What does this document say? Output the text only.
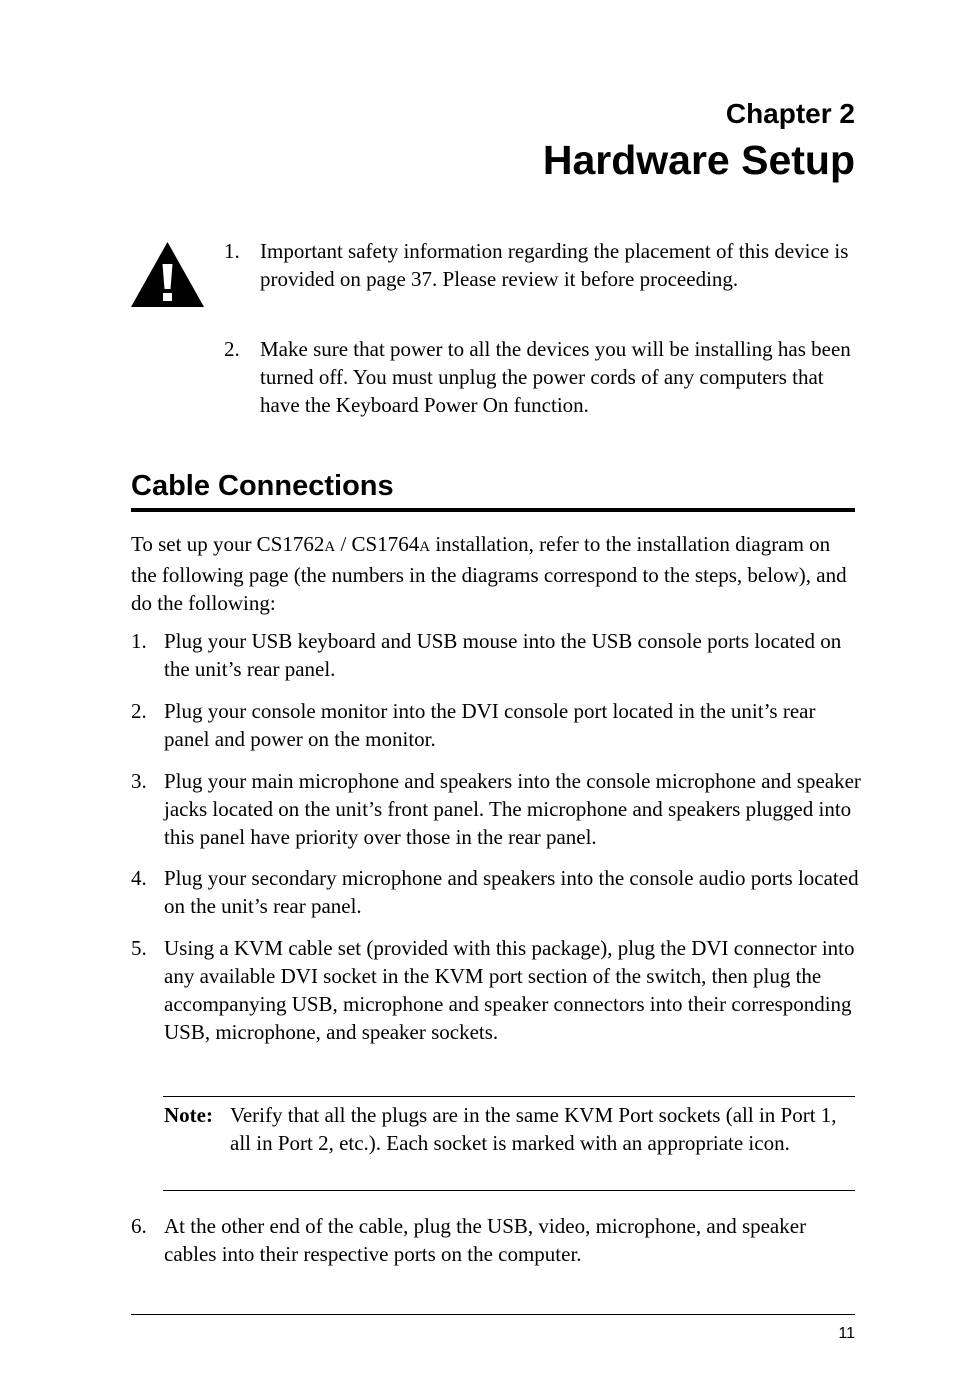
Chapter 2
Hardware Setup
1. Important safety information regarding the placement of this device is provided on page 37. Please review it before proceeding.
2. Make sure that power to all the devices you will be installing has been turned off. You must unplug the power cords of any computers that have the Keyboard Power On function.
Cable Connections
To set up your CS1762A / CS1764A installation, refer to the installation diagram on the following page (the numbers in the diagrams correspond to the steps, below), and do the following:
1. Plug your USB keyboard and USB mouse into the USB console ports located on the unit’s rear panel.
2. Plug your console monitor into the DVI console port located in the unit’s rear panel and power on the monitor.
3. Plug your main microphone and speakers into the console microphone and speaker jacks located on the unit’s front panel. The microphone and speakers plugged into this panel have priority over those in the rear panel.
4. Plug your secondary microphone and speakers into the console audio ports located on the unit’s rear panel.
5. Using a KVM cable set (provided with this package), plug the DVI connector into any available DVI socket in the KVM port section of the switch, then plug the accompanying USB, microphone and speaker connectors into their corresponding USB, microphone, and speaker sockets.
Note: Verify that all the plugs are in the same KVM Port sockets (all in Port 1, all in Port 2, etc.). Each socket is marked with an appropriate icon.
6. At the other end of the cable, plug the USB, video, microphone, and speaker cables into their respective ports on the computer.
11
